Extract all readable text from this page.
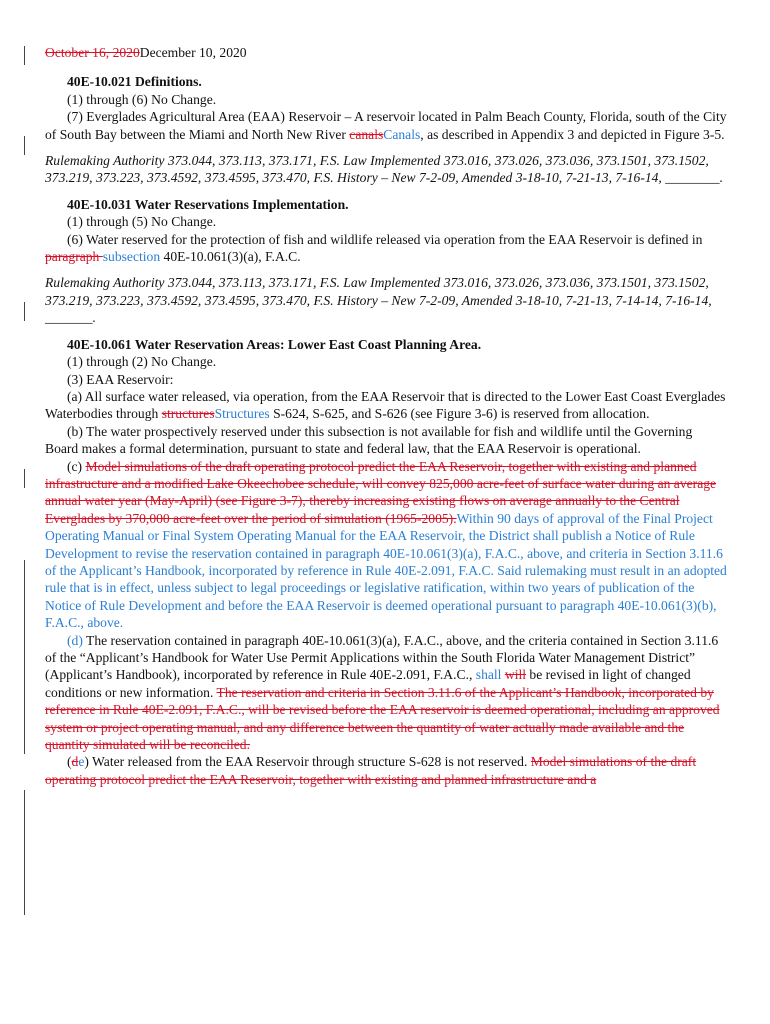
October 16, 2020December 10, 2020

40E-10.021 Definitions.

(1) through (6) No Change.

(7) Everglades Agricultural Area (EAA) Reservoir – A reservoir located in Palm Beach County, Florida, south of the City of South Bay between the Miami and North New River canalsCanals, as described in Appendix 3 and depicted in Figure 3-5.

Rulemaking Authority 373.044, 373.113, 373.171, F.S. Law Implemented 373.016, 373.026, 373.036, 373.1501, 373.1502, 373.219, 373.223, 373.4592, 373.4595, 373.470, F.S. History – New 7-2-09, Amended 3-18-10, 7-21-13, 7-16-14, ________.

40E-10.031 Water Reservations Implementation.

(1) through (5) No Change.

(6) Water reserved for the protection of fish and wildlife released via operation from the EAA Reservoir is defined in paragraph subsection 40E-10.061(3)(a), F.A.C.

Rulemaking Authority 373.044, 373.113, 373.171, F.S. Law Implemented 373.016, 373.026, 373.036, 373.1501, 373.1502, 373.219, 373.223, 373.4592, 373.4595, 373.470, F.S. History – New 7-2-09, Amended 3-18-10, 7-21-13, 7-14-14, 7-16-14, _______.

40E-10.061 Water Reservation Areas: Lower East Coast Planning Area.

(1) through (2) No Change.

(3) EAA Reservoir:

(a) All surface water released, via operation, from the EAA Reservoir that is directed to the Lower East Coast Everglades Waterbodies through structuresStructures S-624, S-625, and S-626 (see Figure 3-6) is reserved from allocation.

(b) The water prospectively reserved under this subsection is not available for fish and wildlife until the Governing Board makes a formal determination, pursuant to state and federal law, that the EAA Reservoir is operational.

(c) Model simulations of the draft operating protocol predict the EAA Reservoir, together with existing and planned infrastructure and a modified Lake Okeechobee schedule, will convey 825,000 acre-feet of surface water during an average annual water year (May-April) (see Figure 3-7), thereby increasing existing flows on average annually to the Central Everglades by 370,000 acre-feet over the period of simulation (1965-2005).Within 90 days of approval of the Final Project Operating Manual or Final System Operating Manual for the EAA Reservoir, the District shall publish a Notice of Rule Development to revise the reservation contained in paragraph 40E-10.061(3)(a), F.A.C., above, and criteria in Section 3.11.6 of the Applicant’s Handbook, incorporated by reference in Rule 40E-2.091, F.A.C. Said rulemaking must result in an adopted rule that is in effect, unless subject to legal proceedings or legislative ratification, within two years of publication of the Notice of Rule Development and before the EAA Reservoir is deemed operational pursuant to paragraph 40E-10.061(3)(b), F.A.C., above.

(d) The reservation contained in paragraph 40E-10.061(3)(a), F.A.C., above, and the criteria contained in Section 3.11.6 of the “Applicant’s Handbook for Water Use Permit Applications within the South Florida Water Management District” (Applicant’s Handbook), incorporated by reference in Rule 40E-2.091, F.A.C., shall will be revised in light of changed conditions or new information. The reservation and criteria in Section 3.11.6 of the Applicant’s Handbook, incorporated by reference in Rule 40E-2.091, F.A.C., will be revised before the EAA reservoir is deemed operational, including an approved system or project operating manual, and any difference between the quantity of water actually made available and the quantity simulated will be reconciled.

(de) Water released from the EAA Reservoir through structure S-628 is not reserved. Model simulations of the draft operating protocol predict the EAA Reservoir, together with existing and planned infrastructure and a
